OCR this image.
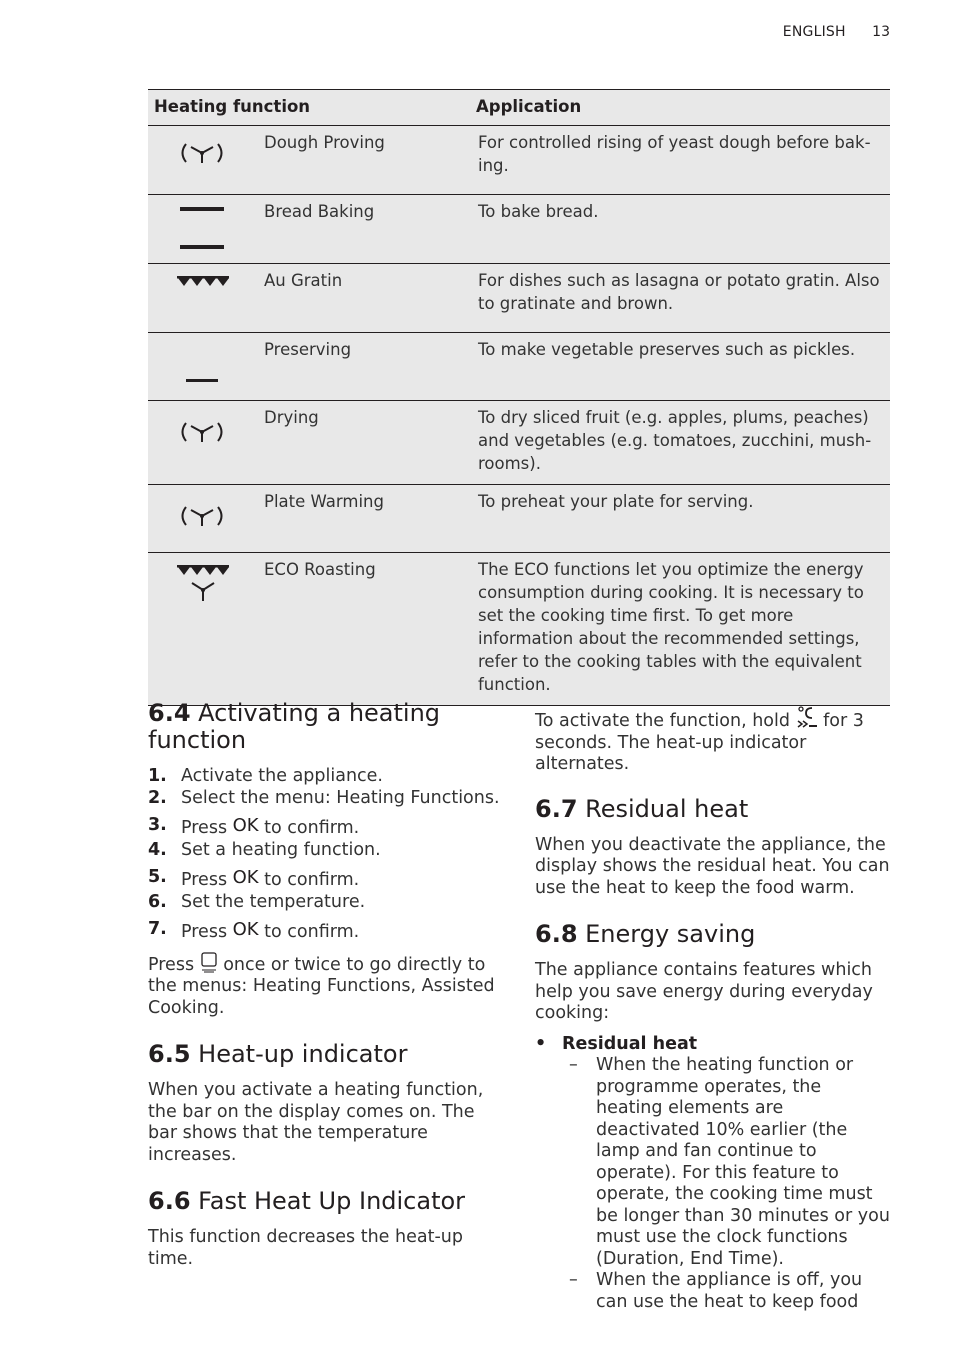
ENGLISH 13
Heating function		Application

	Dough Proving	For controlled rising of yeast dough before bak-ing.

	Bread Baking	To bake bread.

	Au Gratin	For dishes such as lasagna or potato gratin. Also to gratinate and brown.

	Preserving	To make vegetable preserves such as pickles.

	Drying	To dry sliced fruit (e.g. apples, plums, peaches) and vegetables (e.g. tomatoes, zucchini, mush-rooms).

	Plate Warming	To preheat your plate for serving.

	ECO Roasting	The ECO functions let you optimize the energy consumption during cooking. It is necessary to set the cooking time first. To get more information about the recommended settings, refer to the cooking tables with the equivalent function.
6.4 Activating a heating
function
1. Activate the appliance.
2. Select the menu: Heating Functions.
3. Press OK to confirm.
4. Set a heating function.
5. Press OK to confirm.
6. Set the temperature.
7. Press OK to confirm.

Press  once or twice to go directly to the menus: Heating Functions, Assisted Cooking.

6.5 Heat-up indicator

When you activate a heating function, the bar on the display comes on. The bar shows that the temperature increases.

6.6 Fast Heat Up Indicator

This function decreases the heat-up time.

To activate the function, hold  for 3 seconds. The heat-up indicator alternates.

6.7 Residual heat

When you deactivate the appliance, the display shows the residual heat. You can use the heat to keep the food warm.

6.8 Energy saving

The appliance contains features which help you save energy during everyday cooking:

• Residual heat
– When the heating function or programme operates, the heating elements are deactivated 10% earlier (the lamp and fan continue to operate). For this feature to operate, the cooking time must be longer than 30 minutes or you must use the clock functions (Duration, End Time).
– When the appliance is off, you can use the heat to keep food
